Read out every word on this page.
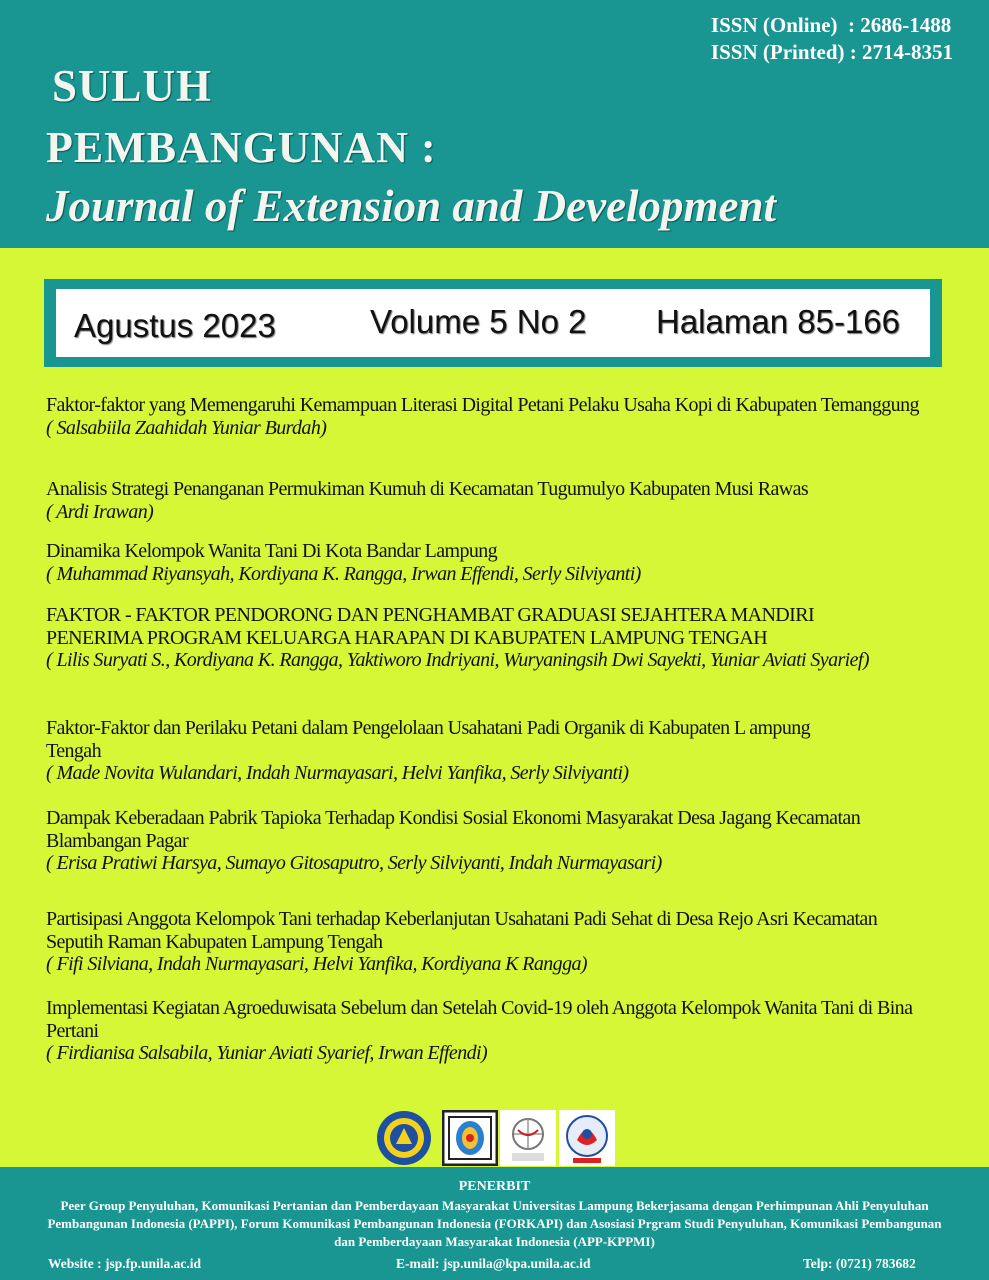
ISSN (Online)  : 2686-1488
ISSN (Printed) : 2714-8351
SULUH
PEMBANGUNAN :
Journal of Extension and Development
Agustus 2023	Volume 5 No 2 Halaman 85-166
Faktor-faktor yang Memengaruhi Kemampuan Literasi Digital Petani Pelaku Usaha Kopi di Kabupaten Temanggung
( Salsabiila Zaahidah Yuniar Burdah)
Analisis Strategi Penanganan Permukiman Kumuh di Kecamatan Tugumulyo Kabupaten Musi Rawas
( Ardi Irawan)
Dinamika Kelompok Wanita Tani Di Kota Bandar Lampung
( Muhammad Riyansyah, Kordiyana K. Rangga, Irwan Effendi, Serly Silviyanti)
FAKTOR - FAKTOR PENDORONG DAN PENGHAMBAT GRADUASI SEJAHTERA MANDIRI PENERIMA PROGRAM KELUARGA HARAPAN DI KABUPATEN LAMPUNG TENGAH
( Lilis Suryati S., Kordiyana K. Rangga, Yaktiworo Indriyani, Wuryaningsih Dwi Sayekti, Yuniar Aviati Syarief)
Faktor-Faktor dan Perilaku Petani dalam Pengelolaan Usahatani Padi Organik di Kabupaten L ampung Tengah
( Made Novita Wulandari, Indah Nurmayasari, Helvi Yanfika, Serly Silviyanti)
Dampak Keberadaan Pabrik Tapioka Terhadap Kondisi Sosial Ekonomi Masyarakat Desa Jagang Kecamatan Blambangan Pagar
( Erisa Pratiwi Harsya, Sumayo Gitosaputro, Serly Silviyanti, Indah Nurmayasari)
Partisipasi Anggota Kelompok Tani terhadap Keberlanjutan Usahatani Padi Sehat di Desa Rejo Asri Kecamatan Seputih Raman Kabupaten Lampung Tengah
( Fifi Silviana, Indah Nurmayasari, Helvi Yanfika, Kordiyana K Rangga)
Implementasi Kegiatan Agroeduwisata Sebelum dan Setelah Covid-19 oleh Anggota Kelompok Wanita Tani di Bina Pertani
( Firdianisa Salsabila, Yuniar Aviati Syarief, Irwan Effendi)
PENERBIT
Peer Group Penyuluhan, Komunikasi Pertanian dan Pemberdayaan Masyarakat Universitas Lampung Bekerjasama dengan Perhimpunan Ahli Penyuluhan Pembangunan Indonesia (PAPPI), Forum Komunikasi Pembangunan Indonesia (FORKAPI) dan Asosiasi Prgram Studi Penyuluhan, Komunikasi Pembangunan dan Pemberdayaan Masyarakat Indonesia (APP-KPPMI)
Website : jsp.fp.unila.ac.id	E-mail: jsp.unila@kpa.unila.ac.id	Telp: (0721) 783682
